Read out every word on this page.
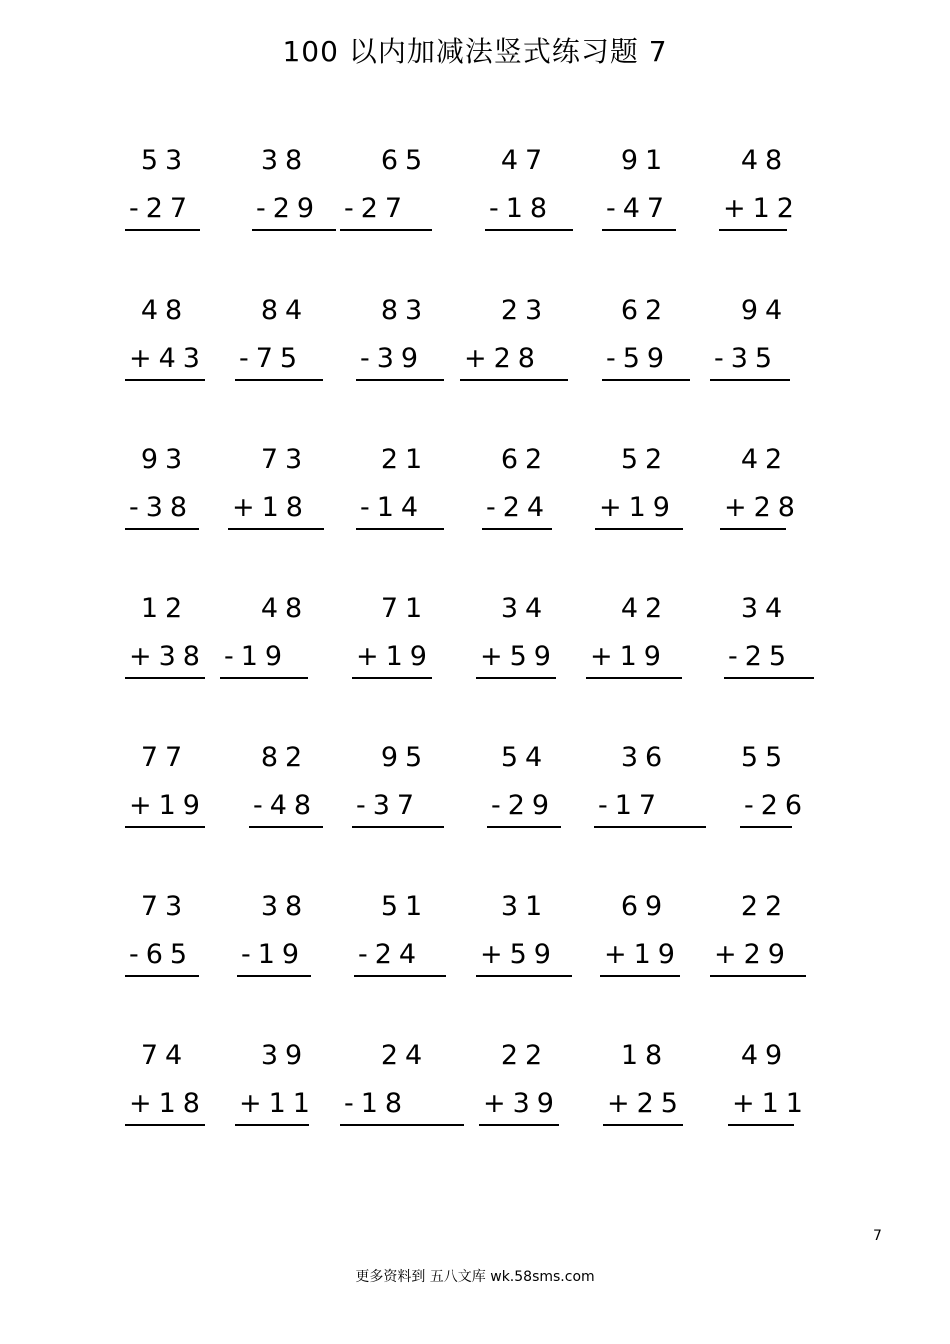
100 以内加减法竖式练习题 7
53
-27
38
-29
65
-27
47
-18
91
-47
48
+12
48
+43
84
-75
83
-39
23
+28
62
-59
94
-35
93
-38
73
+18
21
-14
62
-24
52
+19
42
+28
12
+38
48
-19
71
+19
34
+59
42
+19
34
-25
77
+19
82
-48
95
-37
54
-29
36
-17
55
-26
73
-65
38
-19
51
-24
31
+59
69
+19
22
+29
74
+18
39
+11
24
-18
22
+39
18
+25
49
+11
7
更多资料到 五八文库 wk.58sms.com
